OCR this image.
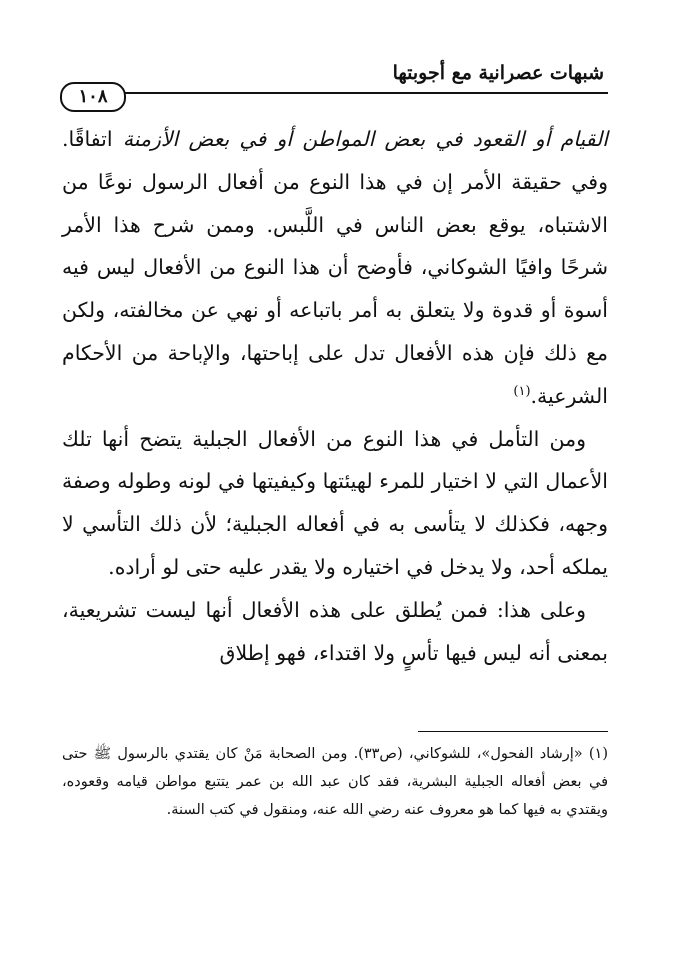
شبهات عصرانية مع أجوبتها
١٠٨

القيام أو القعود في بعض المواطن أو في بعض الأزمنة اتفاقًا. وفي حقيقة الأمر إن في هذا النوع من أفعال الرسول نوعًا من الاشتباه، يوقع بعض الناس في اللَّبس. وممن شرح هذا الأمر شرحًا وافيًا الشوكاني، فأوضح أن هذا النوع من الأفعال ليس فيه أسوة أو قدوة ولا يتعلق به أمر باتباعه أو نهي عن مخالفته، ولكن مع ذلك فإن هذه الأفعال تدل على إباحتها، والإباحة من الأحكام الشرعية.$^{(١)}$

ومن التأمل في هذا النوع من الأفعال الجبلية يتضح أنها تلك الأعمال التي لا اختيار للمرء لهيئتها وكيفيتها في لونه وطوله وصفة وجهه، فكذلك لا يتأسى به في أفعاله الجبلية؛ لأن ذلك التأسي لا يملكه أحد، ولا يدخل في اختياره ولا يقدر عليه حتى لو أراده.

وعلى هذا: فمن يُطلق على هذه الأفعال أنها ليست تشريعية، بمعنى أنه ليس فيها تأسٍ ولا اقتداء، فهو إطلاق

(١) «إرشاد الفحول»، للشوكاني، (ص٣٣). ومن الصحابة مَنْ كان يقتدي بالرسول ﷺ حتى في بعض أفعاله الجبلية البشرية، فقد كان عبد الله بن عمر يتتبع مواطن قيامه وقعوده، ويقتدي به فيها كما هو معروف عنه رضي الله عنه، ومنقول في كتب السنة.
